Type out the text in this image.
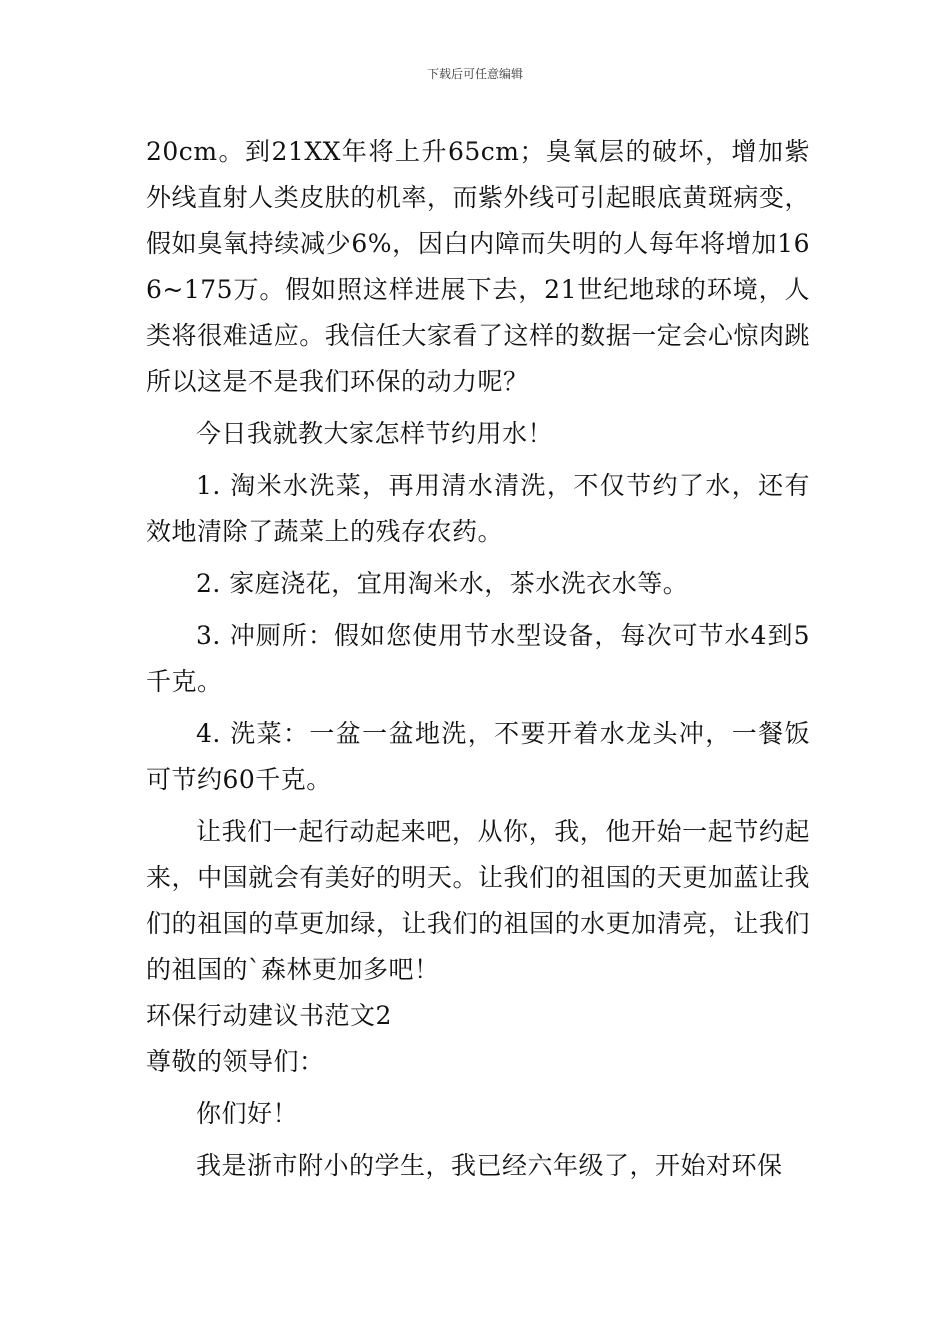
下载后可任意编辑

20cm。到21XX年将上升65cm；臭氧层的破坏，增加紫外线直射人类皮肤的机率，而紫外线可引起眼底黄斑病变，假如臭氧持续减少6%，因白内障而失明的人每年将增加166~175万。假如照这样进展下去，21世纪地球的环境，人类将很难适应。我信任大家看了这样的数据一定会心惊肉跳所以这是不是我们环保的动力呢？

今日我就教大家怎样节约用水！

1. 淘米水洗菜，再用清水清洗，不仅节约了水，还有效地清除了蔬菜上的残存农药。

2. 家庭浇花，宜用淘米水，茶水洗衣水等。

3. 冲厕所：假如您使用节水型设备，每次可节水4到5千克。

4. 洗菜：一盆一盆地洗，不要开着水龙头冲，一餐饭可节约60千克。

让我们一起行动起来吧，从你，我，他开始一起节约起来，中国就会有美好的明天。让我们的祖国的天更加蓝让我们的祖国的草更加绿，让我们的祖国的水更加清亮，让我们的祖国的`森林更加多吧！

环保行动建议书范文2

尊敬的领导们：

你们好！

我是浙市附小的学生，我已经六年级了，开始对环保
